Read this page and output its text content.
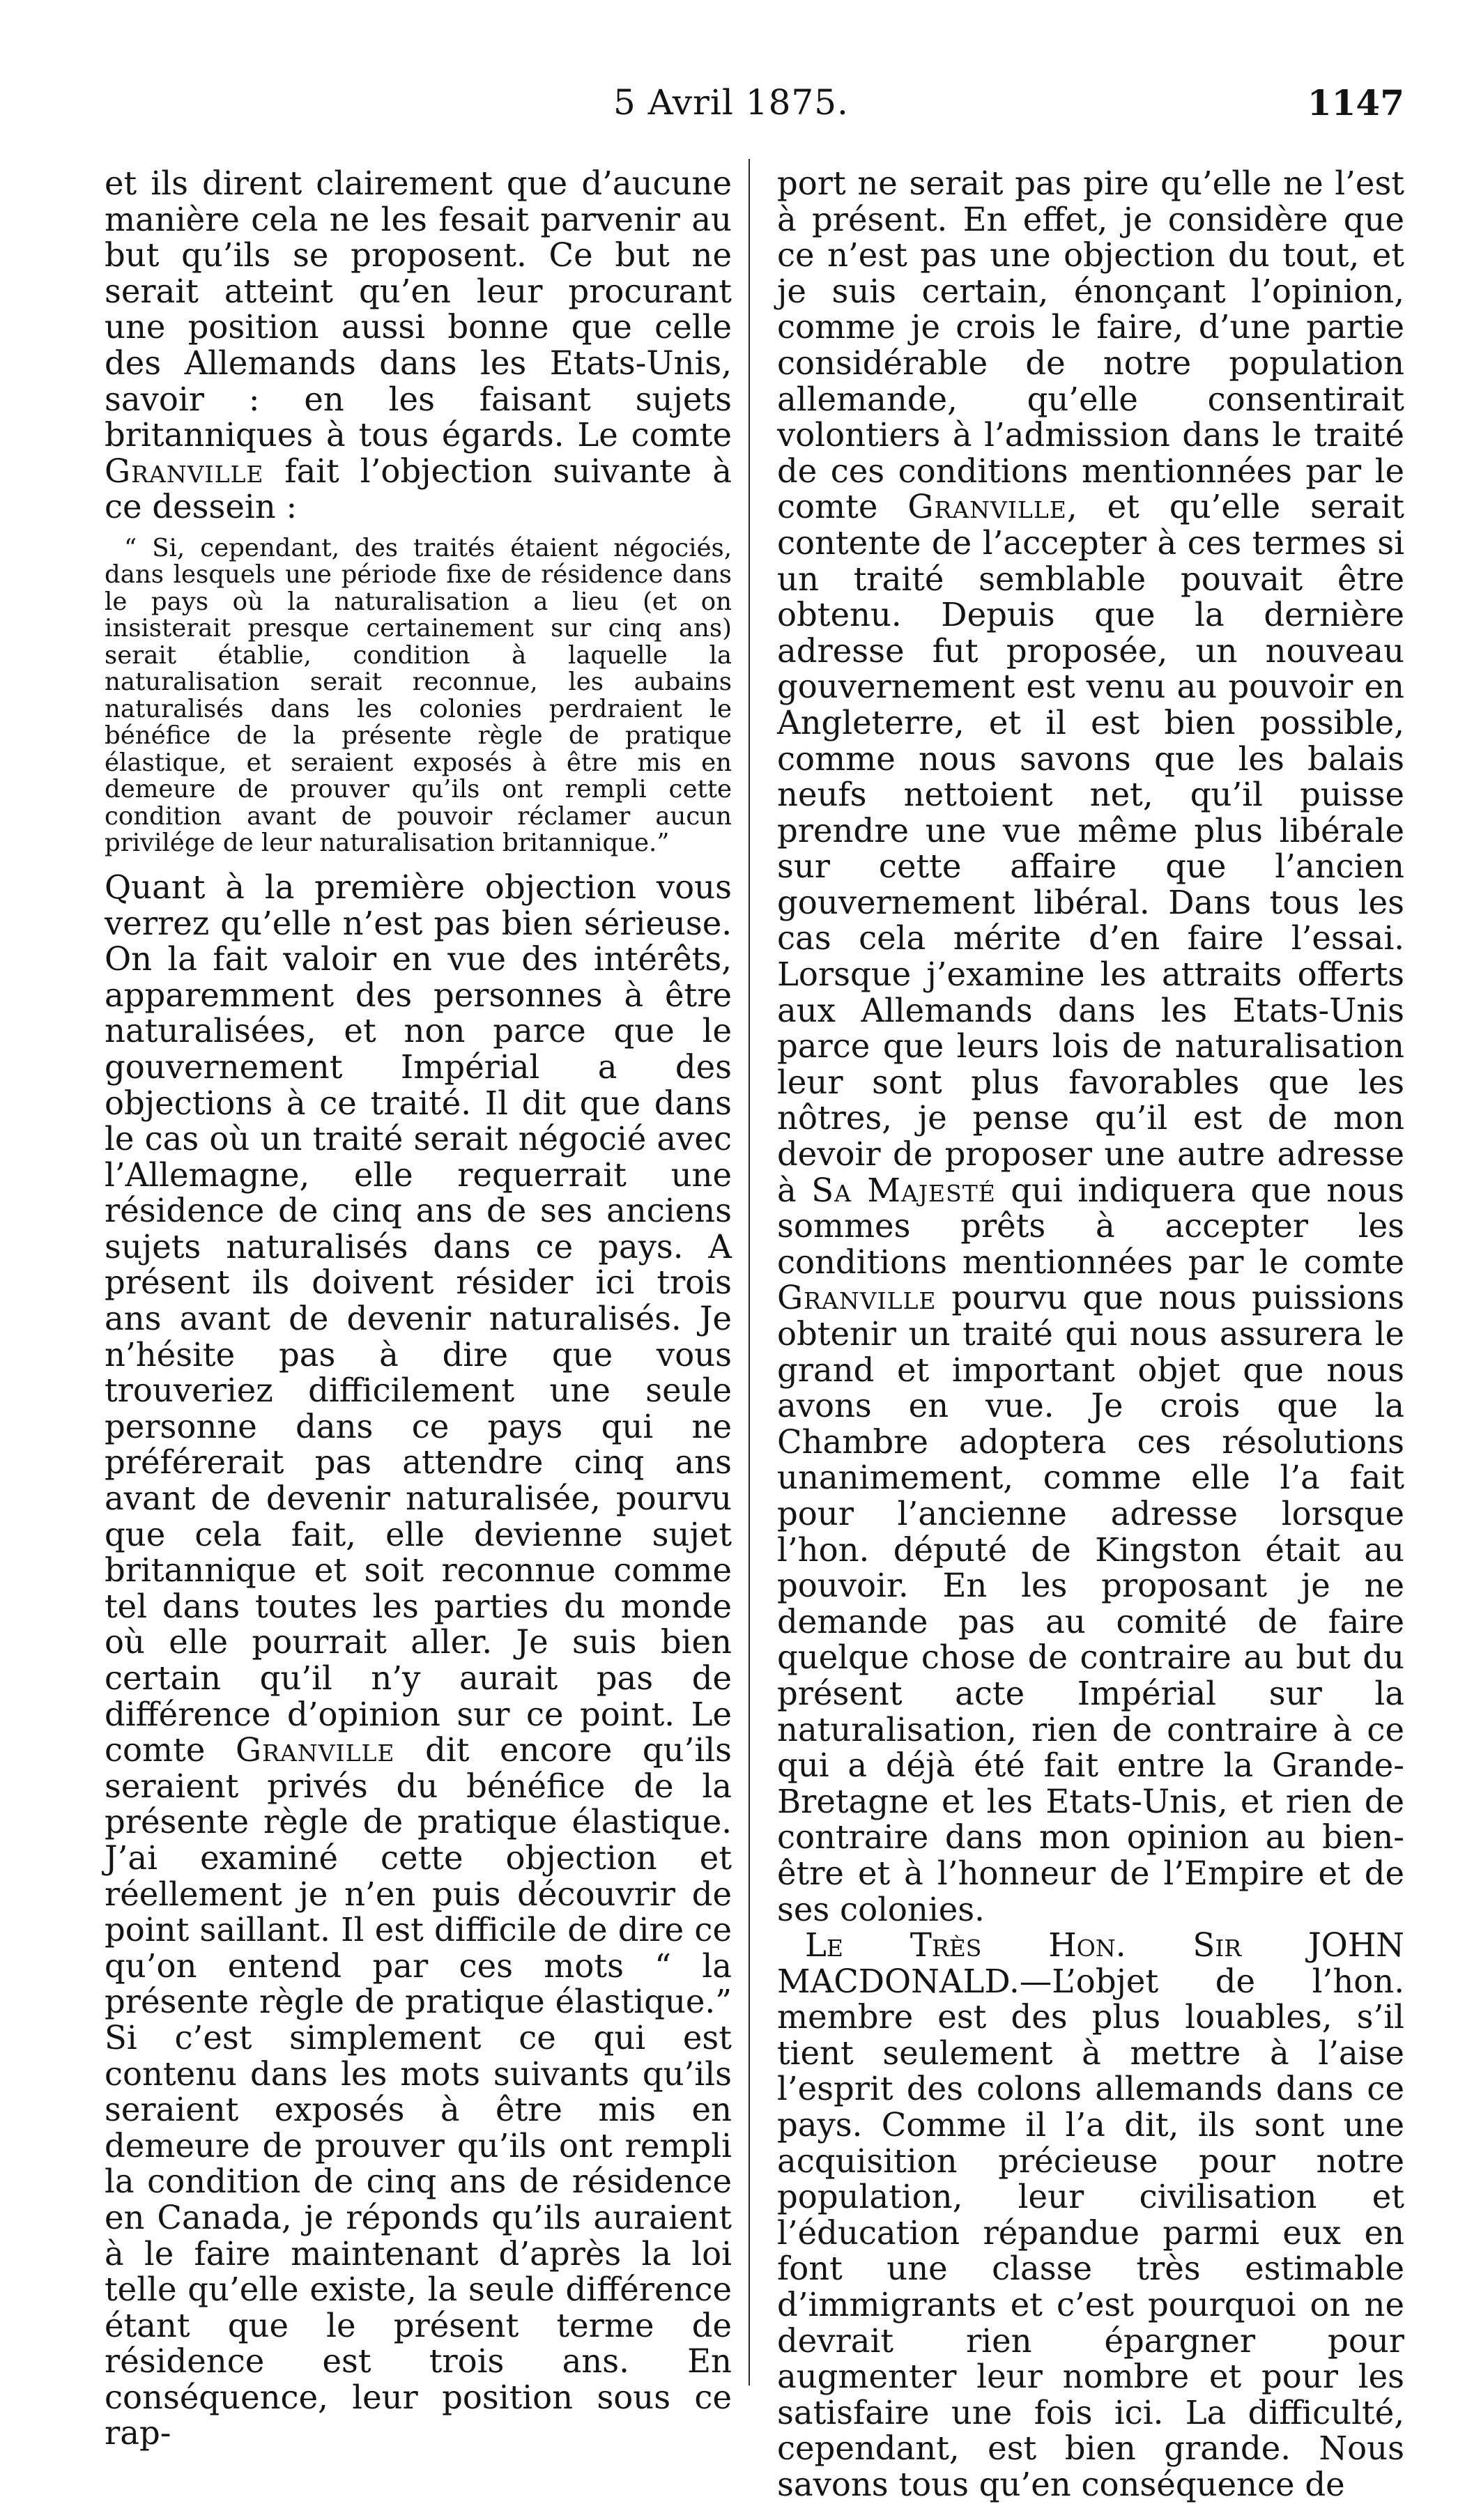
5 Avril 1875.	1147

et ils dirent clairement que d’aucune manière cela ne les fesait parvenir au but qu’ils se proposent. Ce but ne serait atteint qu’en leur procurant une position aussi bonne que celle des Allemands dans les Etats-Unis, savoir : en les faisant sujets britanniques à tous égards. Le comte Granville fait l’objection suivante à ce dessein :

“ Si, cependant, des traités étaient négociés, dans lesquels une période fixe de résidence dans le pays où la naturalisation a lieu (et on insisterait presque certainement sur cinq ans) serait établie, condition à laquelle la naturalisation serait reconnue, les aubains naturalisés dans les colonies perdraient le bénéfice de la présente règle de pratique élastique, et seraient exposés à être mis en demeure de prouver qu’ils ont rempli cette condition avant de pouvoir réclamer aucun privilége de leur naturalisation britannique.”

Quant à la première objection vous verrez qu’elle n’est pas bien sérieuse. On la fait valoir en vue des intérêts, apparemment des personnes à être naturalisées, et non parce que le gouvernement Impérial a des objections à ce traité. Il dit que dans le cas où un traité serait négocié avec l’Allemagne, elle requerrait une résidence de cinq ans de ses anciens sujets naturalisés dans ce pays. A présent ils doivent résider ici trois ans avant de devenir naturalisés. Je n’hésite pas à dire que vous trouveriez difficilement une seule personne dans ce pays qui ne préférerait pas attendre cinq ans avant de devenir naturalisée, pourvu que cela fait, elle devienne sujet britannique et soit reconnue comme tel dans toutes les parties du monde où elle pourrait aller. Je suis bien certain qu’il n’y aurait pas de différence d’opinion sur ce point. Le comte Granville dit encore qu’ils seraient privés du bénéfice de la présente règle de pratique élastique. J’ai examiné cette objection et réellement je n’en puis découvrir de point saillant. Il est difficile de dire ce qu’on entend par ces mots “ la présente règle de pratique élastique.” Si c’est simplement ce qui est contenu dans les mots suivants qu’ils seraient exposés à être mis en demeure de prouver qu’ils ont rempli la condition de cinq ans de résidence en Canada, je réponds qu’ils auraient à le faire maintenant d’après la loi telle qu’elle existe, la seule différence étant que le présent terme de résidence est trois ans. En conséquence, leur position sous ce rap-

port ne serait pas pire qu’elle ne l’est à présent. En effet, je considère que ce n’est pas une objection du tout, et je suis certain, énonçant l’opinion, comme je crois le faire, d’une partie considérable de notre population allemande, qu’elle consentirait volontiers à l’admission dans le traité de ces conditions mentionnées par le comte Granville, et qu’elle serait contente de l’accepter à ces termes si un traité semblable pouvait être obtenu. Depuis que la dernière adresse fut proposée, un nouveau gouvernement est venu au pouvoir en Angleterre, et il est bien possible, comme nous savons que les balais neufs nettoient net, qu’il puisse prendre une vue même plus libérale sur cette affaire que l’ancien gouvernement libéral. Dans tous les cas cela mérite d’en faire l’essai. Lorsque j’examine les attraits offerts aux Allemands dans les Etats-Unis parce que leurs lois de naturalisation leur sont plus favorables que les nôtres, je pense qu’il est de mon devoir de proposer une autre adresse à Sa Majesté qui indiquera que nous sommes prêts à accepter les conditions mentionnées par le comte Granville pourvu que nous puissions obtenir un traité qui nous assurera le grand et important objet que nous avons en vue. Je crois que la Chambre adoptera ces résolutions unanimement, comme elle l’a fait pour l’ancienne adresse lorsque l’hon. député de Kingston était au pouvoir. En les proposant je ne demande pas au comité de faire quelque chose de contraire au but du présent acte Impérial sur la naturalisation, rien de contraire à ce qui a déjà été fait entre la Grande-Bretagne et les Etats-Unis, et rien de contraire dans mon opinion au bien-être et à l’honneur de l’Empire et de ses colonies.

Le Très Hon. Sir JOHN MACDONALD.—L’objet de l’hon. membre est des plus louables, s’il tient seulement à mettre à l’aise l’esprit des colons allemands dans ce pays. Comme il l’a dit, ils sont une acquisition précieuse pour notre population, leur civilisation et l’éducation répandue parmi eux en font une classe très estimable d’immigrants et c’est pourquoi on ne devrait rien épargner pour augmenter leur nombre et pour les satisfaire une fois ici. La difficulté, cependant, est bien grande. Nous savons tous qu’en conséquence de
